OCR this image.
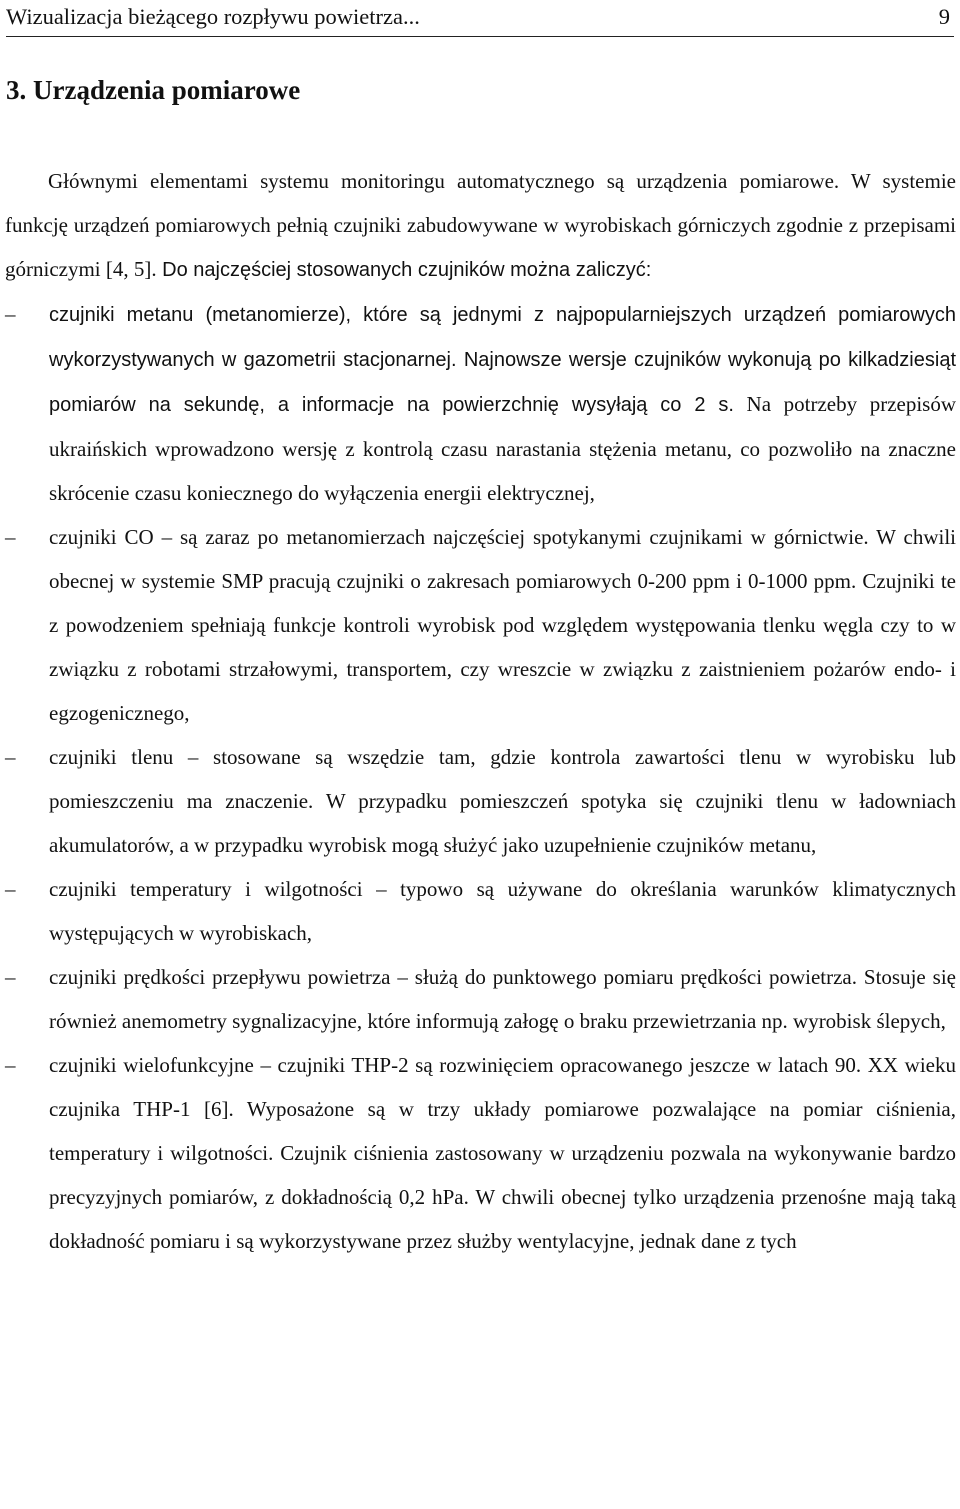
Wizualizacja bieżącego rozpływu powietrza...	9
3. Urządzenia pomiarowe

Głównymi elementami systemu monitoringu automatycznego są urządzenia pomiarowe. W systemie funkcję urządzeń pomiarowych pełnią czujniki zabudowywane w wyrobiskach górniczych zgodnie z przepisami górniczymi [4, 5]. Do najczęściej stosowanych czujników można zaliczyć:

– czujniki metanu (metanomierze), które są jednymi z najpopularniejszych urządzeń pomiarowych wykorzystywanych w gazometrii stacjonarnej. Najnowsze wersje czujników wykonują po kilkadziesiąt pomiarów na sekundę, a informacje na powierzchnię wysyłają co 2 s. Na potrzeby przepisów ukraińskich wprowadzono wersję z kontrolą czasu narastania stężenia metanu, co pozwoliło na znaczne skrócenie czasu koniecznego do wyłączenia energii elektrycznej,
– czujniki CO – są zaraz po metanomierzach najczęściej spotykanymi czujnikami w górnictwie. W chwili obecnej w systemie SMP pracują czujniki o zakresach pomiarowych 0-200 ppm i 0-1000 ppm. Czujniki te z powodzeniem spełniają funkcje kontroli wyrobisk pod względem występowania tlenku węgla czy to w związku z robotami strzałowymi, transportem, czy wreszcie w związku z zaistnieniem pożarów endo- i egzogenicznego,
– czujniki tlenu – stosowane są wszędzie tam, gdzie kontrola zawartości tlenu w wyrobisku lub pomieszczeniu ma znaczenie. W przypadku pomieszczeń spotyka się czujniki tlenu w ładowniach akumulatorów, a w przypadku wyrobisk mogą służyć jako uzupełnienie czujników metanu,
– czujniki temperatury i wilgotności – typowo są używane do określania warunków klimatycznych występujących w wyrobiskach,
– czujniki prędkości przepływu powietrza – służą do punktowego pomiaru prędkości powietrza. Stosuje się również anemometry sygnalizacyjne, które informują załogę o braku przewietrzania np. wyrobisk ślepych,
– czujniki wielofunkcyjne – czujniki THP-2 są rozwinięciem opracowanego jeszcze w latach 90. XX wieku czujnika THP-1 [6]. Wyposażone są w trzy układy pomiarowe pozwalające na pomiar ciśnienia, temperatury i wilgotności. Czujnik ciśnienia zastosowany w urządzeniu pozwala na wykonywanie bardzo precyzyjnych pomiarów, z dokładnością 0,2 hPa. W chwili obecnej tylko urządzenia przenośne mają taką dokładność pomiaru i są wykorzystywane przez służby wentylacyjne, jednak dane z tych
